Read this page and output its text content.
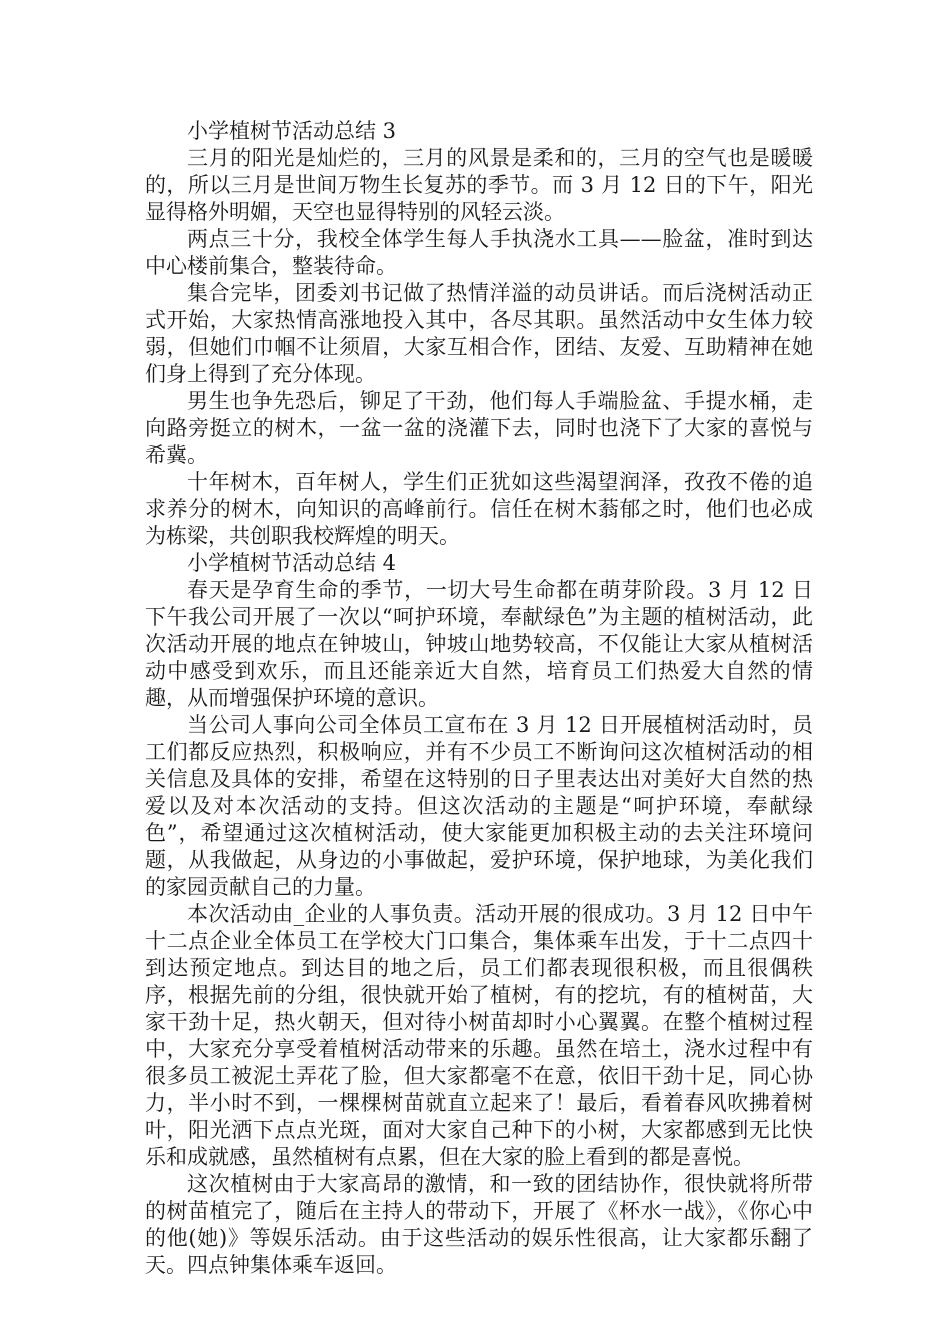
小学植树节活动总结 3

三月的阳光是灿烂的，三月的风景是柔和的，三月的空气也是暖暖的，所以三月是世间万物生长复苏的季节。而 3 月 12 日的下午，阳光显得格外明媚，天空也显得特别的风轻云淡。

两点三十分，我校全体学生每人手执浇水工具——脸盆，准时到达中心楼前集合，整装待命。

集合完毕，团委刘书记做了热情洋溢的动员讲话。而后浇树活动正式开始，大家热情高涨地投入其中，各尽其职。虽然活动中女生体力较弱，但她们巾帼不让须眉，大家互相合作，团结、友爱、互助精神在她们身上得到了充分体现。

男生也争先恐后，铆足了干劲，他们每人手端脸盆、手提水桶，走向路旁挺立的树木，一盆一盆的浇灌下去，同时也浇下了大家的喜悦与希冀。

十年树木，百年树人，学生们正犹如这些渴望润泽，孜孜不倦的追求养分的树木，向知识的高峰前行。信任在树木蓊郁之时，他们也必成为栋梁，共创职我校辉煌的明天。

小学植树节活动总结 4

春天是孕育生命的季节，一切大号生命都在萌芽阶段。3 月 12 日下午我公司开展了一次以“呵护环境，奉献绿色”为主题的植树活动，此次活动开展的地点在钟坡山，钟坡山地势较高，不仅能让大家从植树活动中感受到欢乐，而且还能亲近大自然，培育员工们热爱大自然的情趣，从而增强保护环境的意识。

当公司人事向公司全体员工宣布在 3 月 12 日开展植树活动时，员工们都反应热烈，积极响应，并有不少员工不断询问这次植树活动的相关信息及具体的安排，希望在这特别的日子里表达出对美好大自然的热爱以及对本次活动的支持。但这次活动的主题是“呵护环境，奉献绿色”，希望通过这次植树活动，使大家能更加积极主动的去关注环境问题，从我做起，从身边的小事做起，爱护环境，保护地球，为美化我们的家园贡献自己的力量。

本次活动由_企业的人事负责。活动开展的很成功。3 月 12 日中午十二点企业全体员工在学校大门口集合，集体乘车出发，于十二点四十到达预定地点。到达目的地之后，员工们都表现很积极，而且很偶秩序，根据先前的分组，很快就开始了植树，有的挖坑，有的植树苗，大家干劲十足，热火朝天，但对待小树苗却时小心翼翼。在整个植树过程中，大家充分享受着植树活动带来的乐趣。虽然在培土，浇水过程中有很多员工被泥土弄花了脸，但大家都毫不在意，依旧干劲十足，同心协力，半小时不到，一棵棵树苗就直立起来了！最后，看着春风吹拂着树叶，阳光洒下点点光斑，面对大家自己种下的小树，大家都感到无比快乐和成就感，虽然植树有点累，但在大家的脸上看到的都是喜悦。

这次植树由于大家高昂的激情，和一致的团结协作，很快就将所带的树苗植完了，随后在主持人的带动下，开展了《杯水一战》，《你心中的他(她)》等娱乐活动。由于这些活动的娱乐性很高，让大家都乐翻了天。四点钟集体乘车返回。
